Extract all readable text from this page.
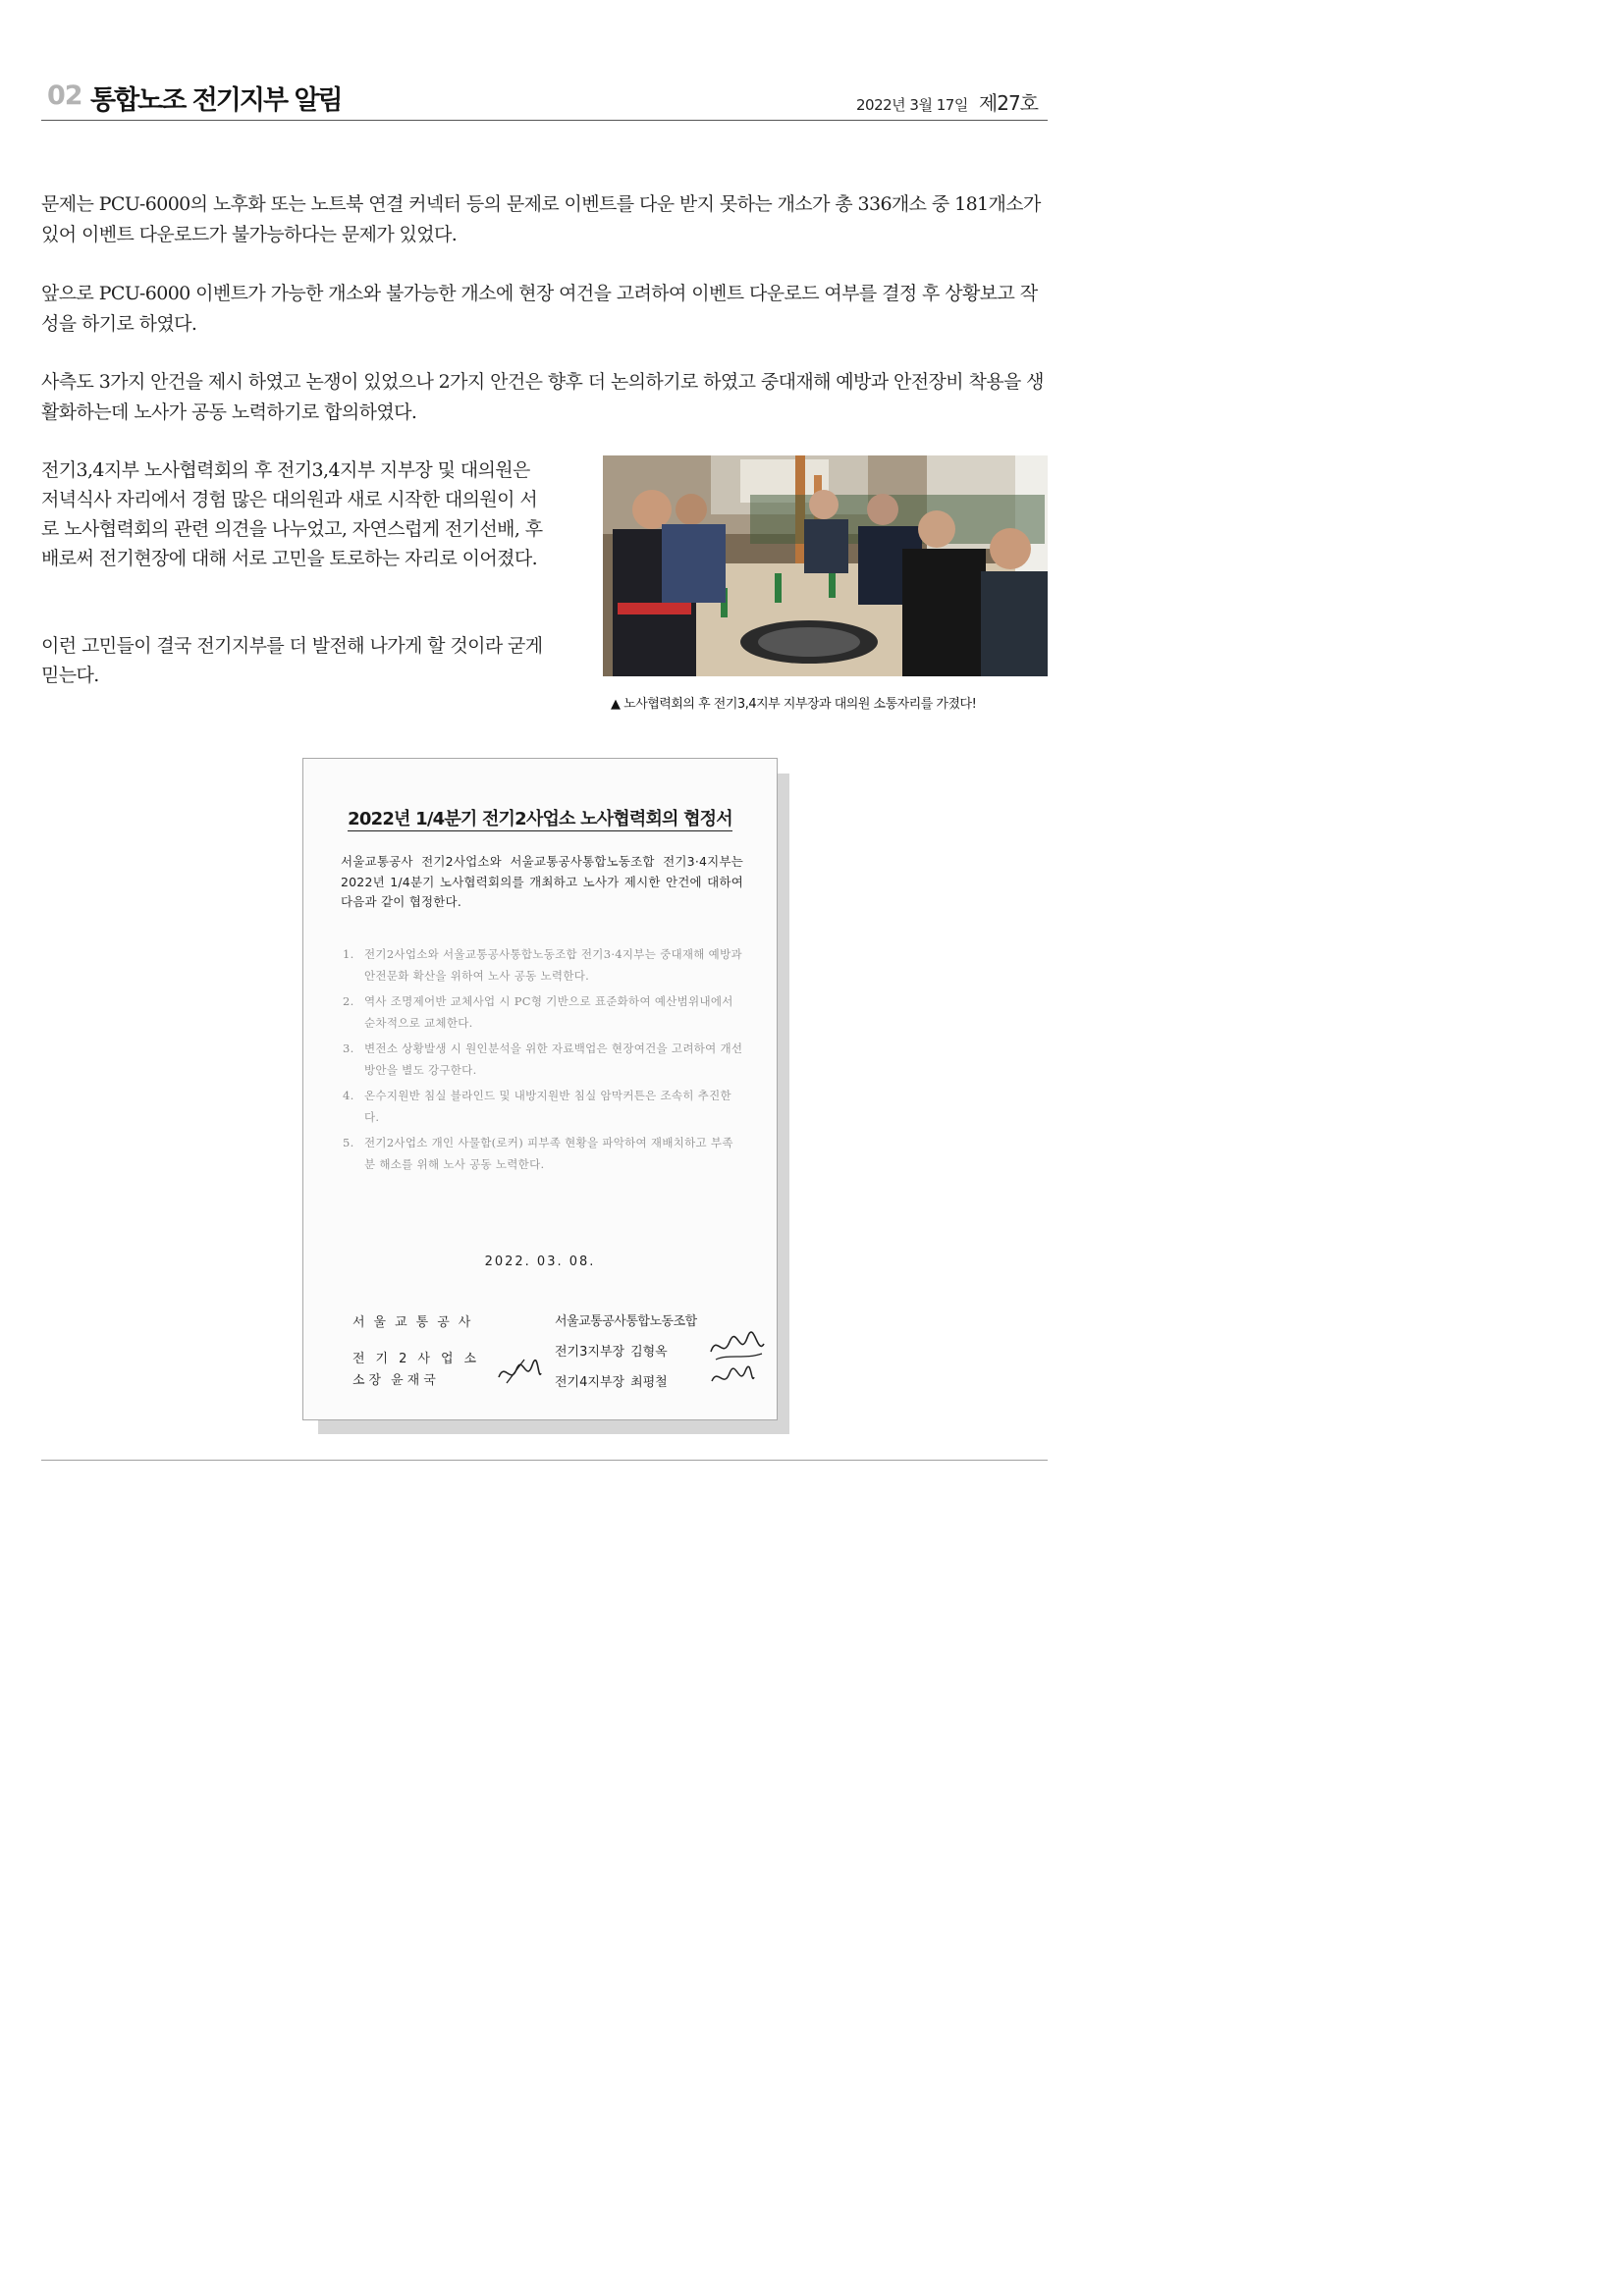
02 통합노조 전기지부 알림	2022년 3월 17일 제27호

문제는 PCU-6000의 노후화 또는 노트북 연결 커넥터 등의 문제로 이벤트를 다운 받지 못하는 개소가 총 336개소 중 181개소가 있어 이벤트 다운로드가 불가능하다는 문제가 있었다.

앞으로 PCU-6000 이벤트가 가능한 개소와 불가능한 개소에 현장 여건을 고려하여 이벤트 다운로드 여부를 결정 후 상황보고 작성을 하기로 하였다.

사측도 3가지 안건을 제시 하였고 논쟁이 있었으나 2가지 안건은 향후 더 논의하기로 하였고 중대재해 예방과 안전장비 착용을 생활화하는데 노사가 공동 노력하기로 합의하였다.

전기3,4지부 노사협력회의 후 전기3,4지부 지부장 및 대의원은 저녁식사 자리에서 경험 많은 대의원과 새로 시작한 대의원이 서로 노사협력회의 관련 의견을 나누었고, 자연스럽게 전기선배, 후배로써 전기현장에 대해 서로 고민을 토로하는 자리로 이어졌다.

이런 고민들이 결국 전기지부를 더 발전해 나가게 할 것이라 굳게 믿는다.

▲ 노사협력회의 후 전기3,4지부 지부장과 대의원 소통자리를 가졌다!
2022년 1/4분기 전기2사업소 노사협력회의 협정서
서울교통공사 전기2사업소와 서울교통공사통합노동조합 전기3·4지부는 2022년 1/4분기 노사협력회의를 개최하고 노사가 제시한 안건에 대하여 다음과 같이 협정한다.
1. 전기2사업소와 서울교통공사통합노동조합 전기3·4지부는 중대재해 예방과 안전문화 확산을 위하여 노사 공동 노력한다.
2. 역사 조명제어반 교체사업 시 PC형 기반으로 표준화하여 예산범위내에서 순차적으로 교체한다.
3. 변전소 상황발생 시 원인분석을 위한 자료백업은 현장여건을 고려하여 개선방안을 별도 강구한다.
4. 온수지원반 침실 블라인드 및 내방지원반 침실 암막커튼은 조속히 추진한다.
5. 전기2사업소 개인 사물함(로커) 피부족 현황을 파악하여 재배치하고 부족분 해소를 위해 노사 공동 노력한다.
2022. 03. 08.
서울교통공사
전기2사업소
소장 윤재국
서울교통공사통합노동조합
전기3지부장 김형옥
전기4지부장 최평철
